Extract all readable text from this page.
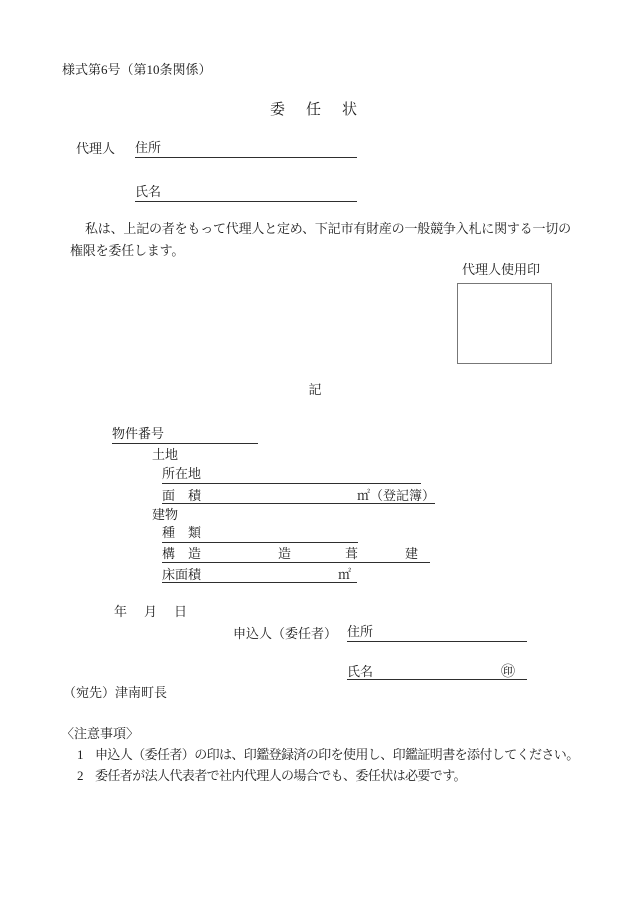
様式第6号（第10条関係）
委　任　状
代理人 住所
氏名
私は、上記の者をもって代理人と定め、下記市有財産の一般競争入札に関する一切の
権限を委任します。
代理人使用印
記
物件番号
土地
所在地
面　積	㎡（登記簿）
建物
種　類
構　造	造	葺	建
床面積	㎡
年　月　日
申込人（委任者） 住所
氏名	㊞
（宛先）津南町長
〈注意事項〉
1 申込人（委任者）の印は、印鑑登録済の印を使用し、印鑑証明書を添付してください。
2 委任者が法人代表者で社内代理人の場合でも、委任状は必要です。
